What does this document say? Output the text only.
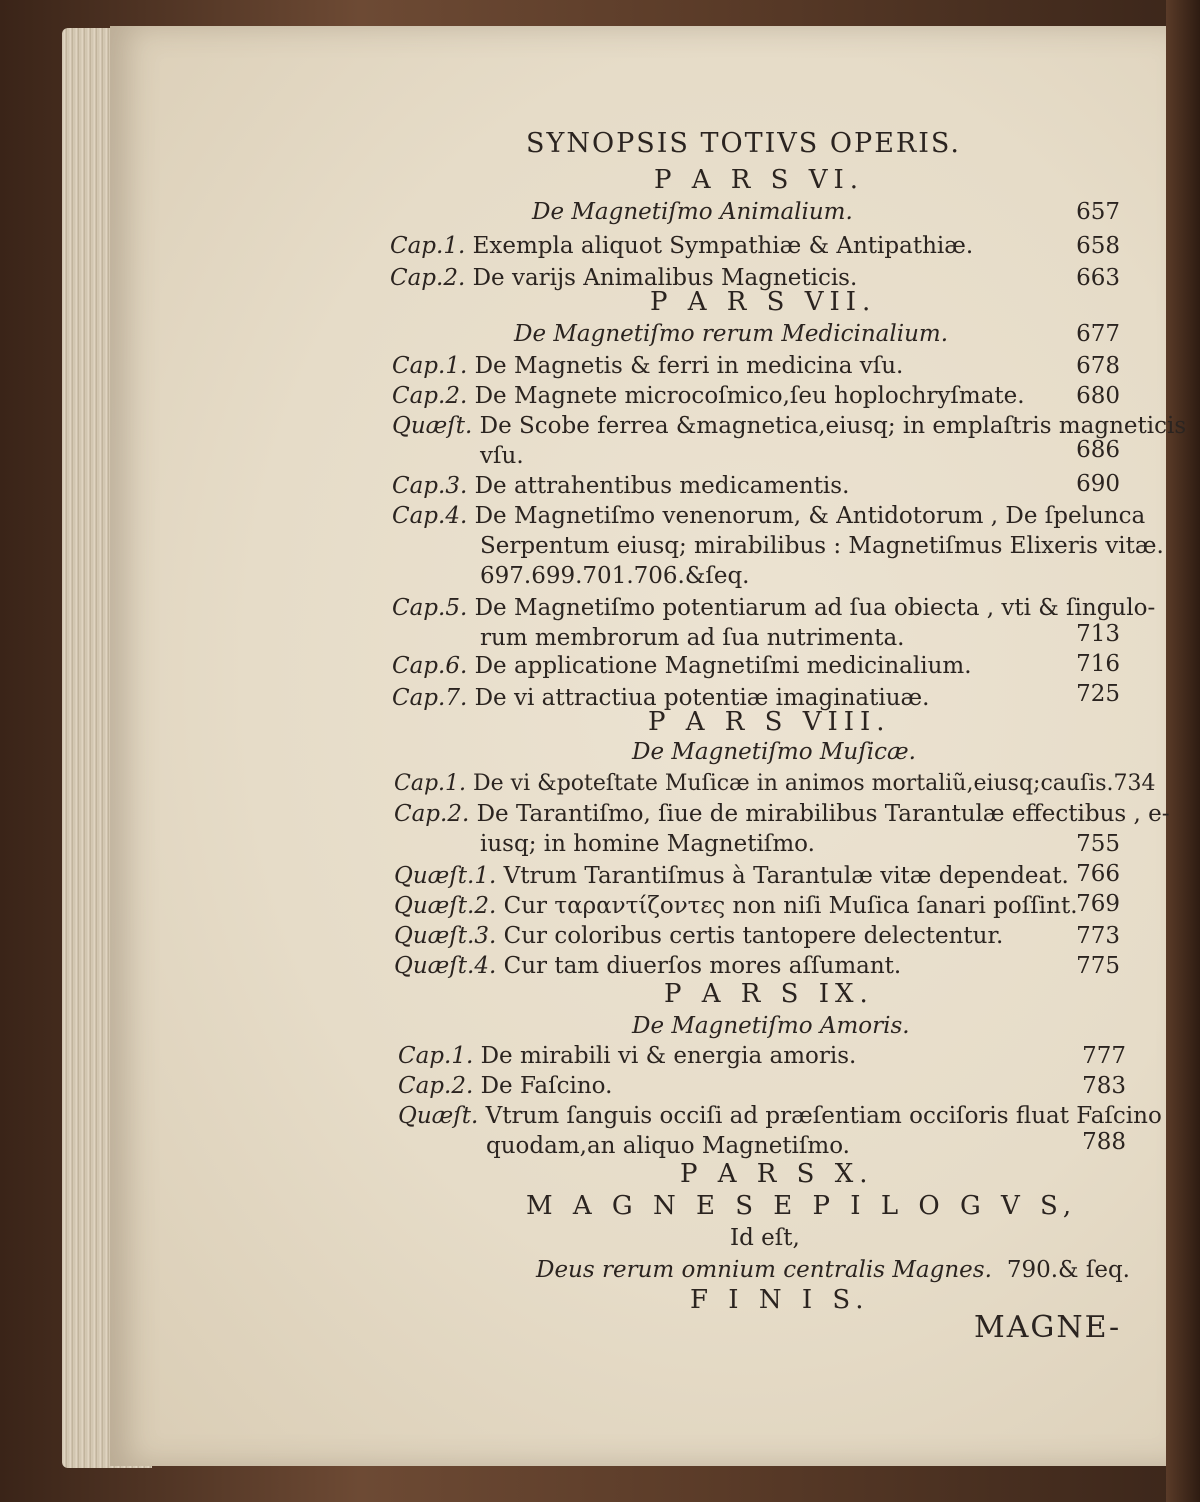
SYNOPSIS TOTIVS OPERIS.
P A R S VI.
De Magnetiſmo Animalium.	657
Cap.1. Exempla aliquot Sympathiæ & Antipathiæ.	658
Cap.2. De varijs Animalibus Magneticis.	663
P A R S VII.
De Magnetiſmo rerum Medicinalium.	677
Cap.1. De Magnetis & ferri in medicina vſu.	678
Cap.2. De Magnete microcoſmico,ſeu hoplochryſmate.	680
Quæſt. De Scobe ferrea &magnetica,eiusq; in emplaſtris magneticis
vſu.	686
Cap.3. De attrahentibus medicamentis.	690
Cap.4. De Magnetiſmo venenorum, & Antidotorum , De ſpelunca
Serpentum eiusq; mirabilibus : Magnetiſmus Elixeris vitæ.
697.699.701.706.&ſeq.
Cap.5. De Magnetiſmo potentiarum ad ſua obiecta , vti & ſingulo-
rum membrorum ad ſua nutrimenta.	713
Cap.6. De applicatione Magnetiſmi medicinalium.	716
Cap.7. De vi attractiua potentiæ imaginatiuæ.	725
P A R S VIII.
De Magnetiſmo Muſicæ.
Cap.1. De vi &poteſtate Muſicæ in animos mortaliũ,eiusq;cauſis.734
Cap.2. De Tarantiſmo, ſiue de mirabilibus Tarantulæ effectibus , e-
iusq; in homine Magnetiſmo.	755
Quæſt.1. Vtrum Tarantiſmus à Tarantulæ vitæ dependeat. 766
Quæſt.2. Cur ταραντίζοντες non niſi Muſica ſanari poſſint.
769
Quæſt.3. Cur coloribus certis tantopere delectentur.	773
Quæſt.4. Cur tam diuerſos mores aſſumant.	775
P A R S IX.
De Magnetiſmo Amoris.
Cap.1. De mirabili vi & energia amoris.	777
Cap.2. De Faſcino.	783
Quæſt. Vtrum ſanguis occiſi ad præſentiam occiſoris fluat Faſcino
quodam,an aliquo Magnetiſmo.	788
P A R S X.
M A G N E S E P I L O G V S,
Id eſt,
Deus rerum omnium centralis Magnes. 790.& ſeq.
F I N I S.
MAGNE-
